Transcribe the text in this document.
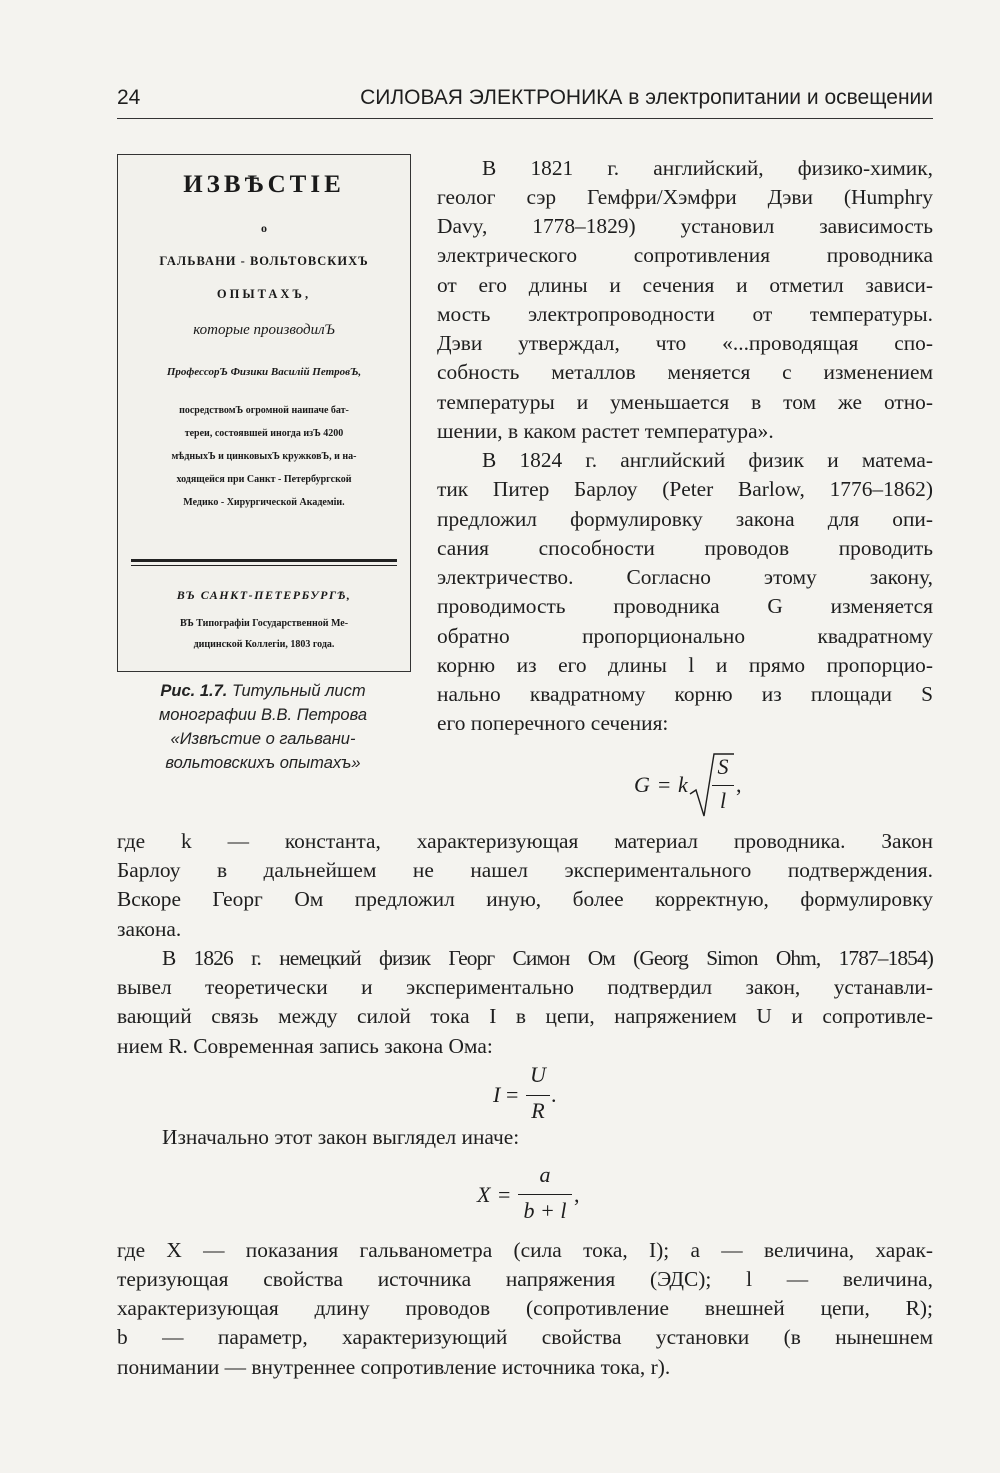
24	СИЛОВАЯ ЭЛЕКТРОНИКА в электропитании и освещении
ИЗВѢСТIЕ
о
ГАЛЬВАНИ - ВОЛЬТОВСКИХЪ
ОПЫТАХЪ,
которые производилЪ
ПрофессорЪ Физики Василiй ПетровЪ,
посредствомЪ огромной наипаче бат-
тереи, состоявшей иногда изЪ 4200
мѣдныхЪ и цинковыхЪ кружковЪ, и на-
ходящейся при Санкт - Петербургской
Медико - Хирургической Академiи.
ВЪ САНКТ-ПЕТЕРБУРГѢ,
ВЪ Типографiи Государственной Ме-
дицинской Коллегiи, 1803 года.
Рис. 1.7. Титульный лист
монографии В.В. Петрова
«Извѣстие о гальвани-
вольтовскихъ опытахъ»
В 1821 г. английский, физико-химик,
геолог сэр Гемфри/Хэмфри Дэви (Humphry
Davy, 1778–1829) установил зависимость
электрического сопротивления проводника
от его длины и сечения и отметил зависи-
мость электропроводности от температуры.
Дэви утверждал, что «...проводящая спо-
собность металлов меняется с изменением
температуры и уменьшается в том же отно-
шении, в каком растет температура».
В 1824 г. английский физик и матема-
тик Питер Барлоу (Peter Barlow, 1776–1862)
предложил формулировку закона для опи-
сания способности проводов проводить
электричество. Согласно этому закону,
проводимость проводника G изменяется
обратно пропорционально квадратному
корню из его длины l и прямо пропорцио-
нально квадратному корню из площади S
его поперечного сечения:
G = k
S
l
,
где k — константа, характеризующая материал проводника. Закон
Барлоу в дальнейшем не нашел экспериментального подтверждения.
Вскоре Георг Ом предложил иную, более корректную, формулировку
закона.
В 1826 г. немецкий физик Георг Симон Ом (Georg Simon Ohm, 1787–1854)
вывел теоретически и экспериментально подтвердил закон, устанавли-
вающий связь между силой тока I в цепи, напряжением U и сопротивле-
нием R. Современная запись закона Ома:
I =
U
R
.
Изначально этот закон выглядел иначе:
X =
a
b + l
,
где X — показания гальванометра (сила тока, I); a — величина, харак-
теризующая свойства источника напряжения (ЭДС); l — величина,
характеризующая длину проводов (сопротивление внешней цепи, R);
b — параметр, характеризующий свойства установки (в нынешнем
понимании — внутреннее сопротивление источника тока, r).
